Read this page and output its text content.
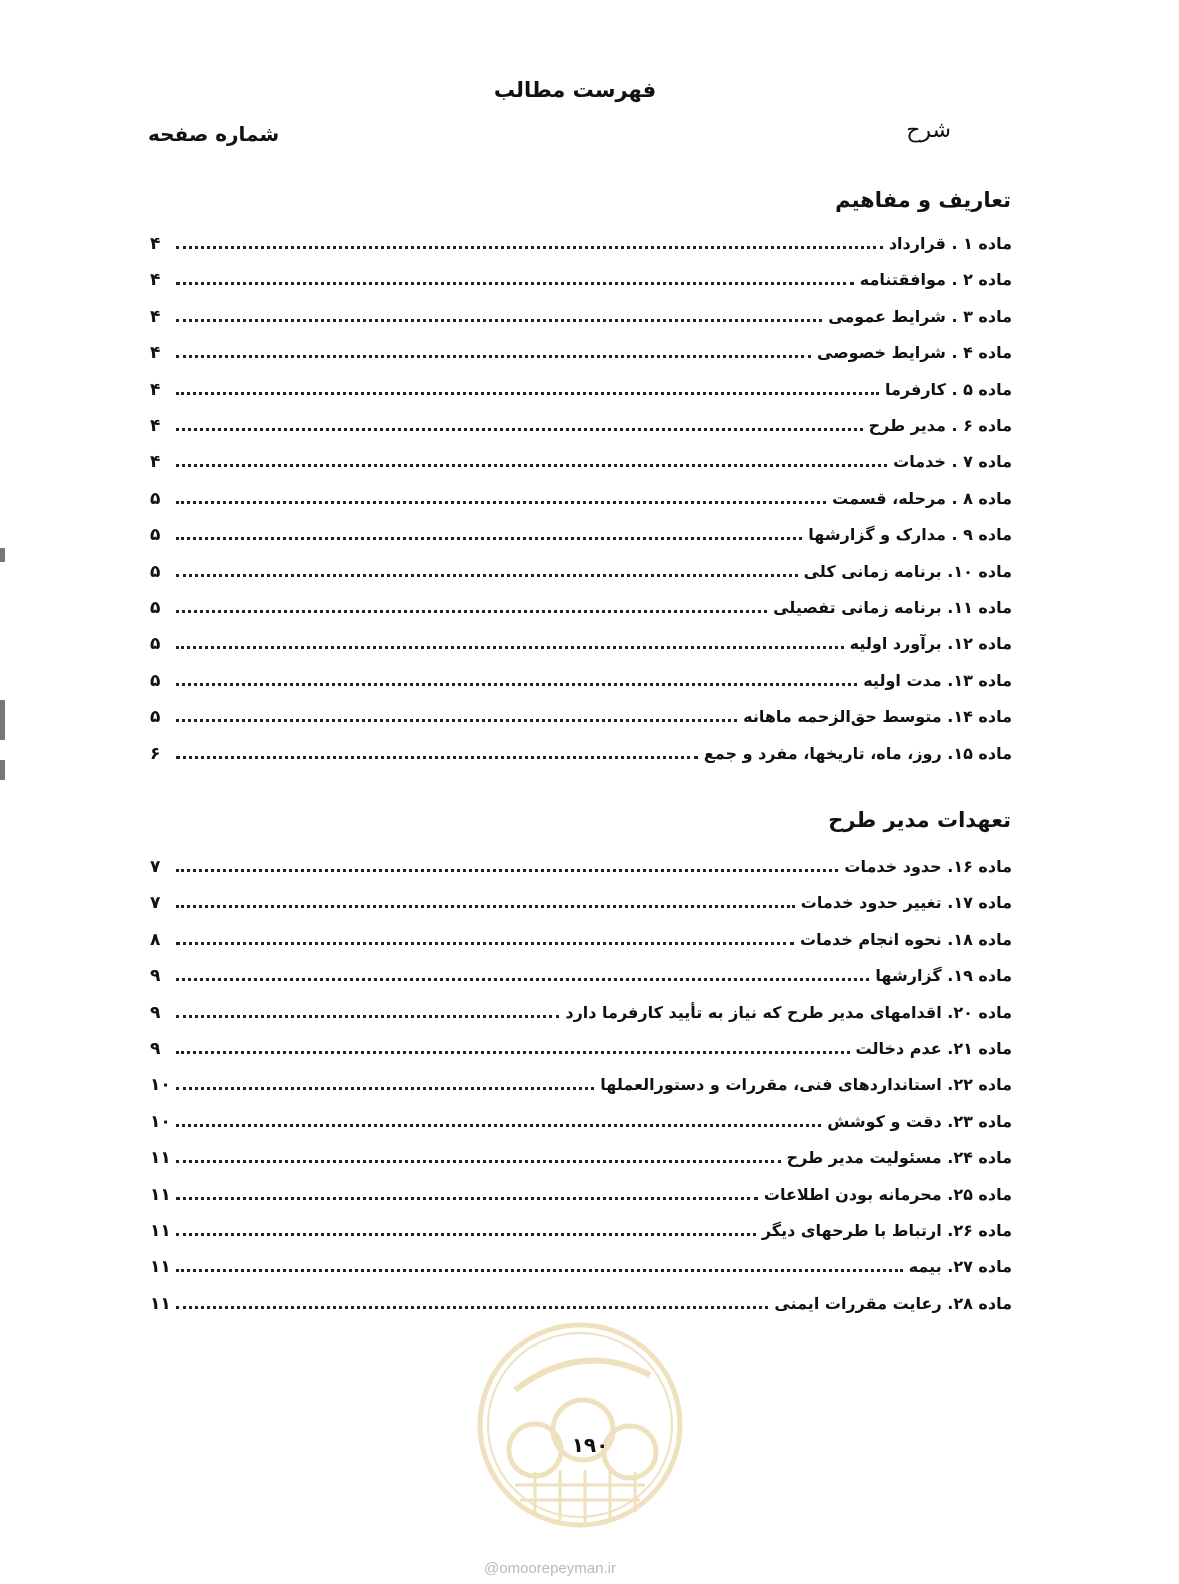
فهرست مطالب
شرح
شماره صفحه
تعاریف و مفاهیم
۴	ماده ۱ . قرارداد
۴	ماده ۲ . موافقتنامه
۴	ماده ۳ . شرایط عمومی
۴	ماده ۴ . شرایط خصوصی
۴	ماده ۵ . کارفرما
۴	ماده ۶ . مدیر طرح
۴	ماده ۷ . خدمات
۵	ماده ۸ . مرحله، قسمت
۵	ماده ۹ . مدارک و گزارشها
۵	ماده ۱۰. برنامه زمانی کلی
۵	ماده ۱۱. برنامه زمانی تفصیلی
۵	ماده ۱۲. برآورد اولیه
۵	ماده ۱۳. مدت اولیه
۵	ماده ۱۴. متوسط حق‌الزحمه ماهانه
۶	ماده ۱۵. روز، ماه، تاریخها، مفرد و جمع
تعهدات مدیر طرح
۷	ماده ۱۶. حدود خدمات
۷	ماده ۱۷. تغییر حدود خدمات
۸	ماده ۱۸. نحوه انجام خدمات
۹	ماده ۱۹. گزارشها
۹	ماده ۲۰. اقدامهای مدیر طرح که نیاز به تأیید کارفرما دارد
۹	ماده ۲۱. عدم دخالت
۱۰	ماده ۲۲. استانداردهای فنی، مقررات و دستورالعملها
۱۰	ماده ۲۳. دقت و کوشش
۱۱	ماده ۲۴. مسئولیت مدیر طرح
۱۱	ماده ۲۵. محرمانه بودن اطلاعات
۱۱	ماده ۲۶. ارتباط با طرحهای دیگر
۱۱	ماده ۲۷. بیمه
۱۱	ماده ۲۸. رعایت مقررات ایمنی
۱۹۰
@omoorepeyman.ir
